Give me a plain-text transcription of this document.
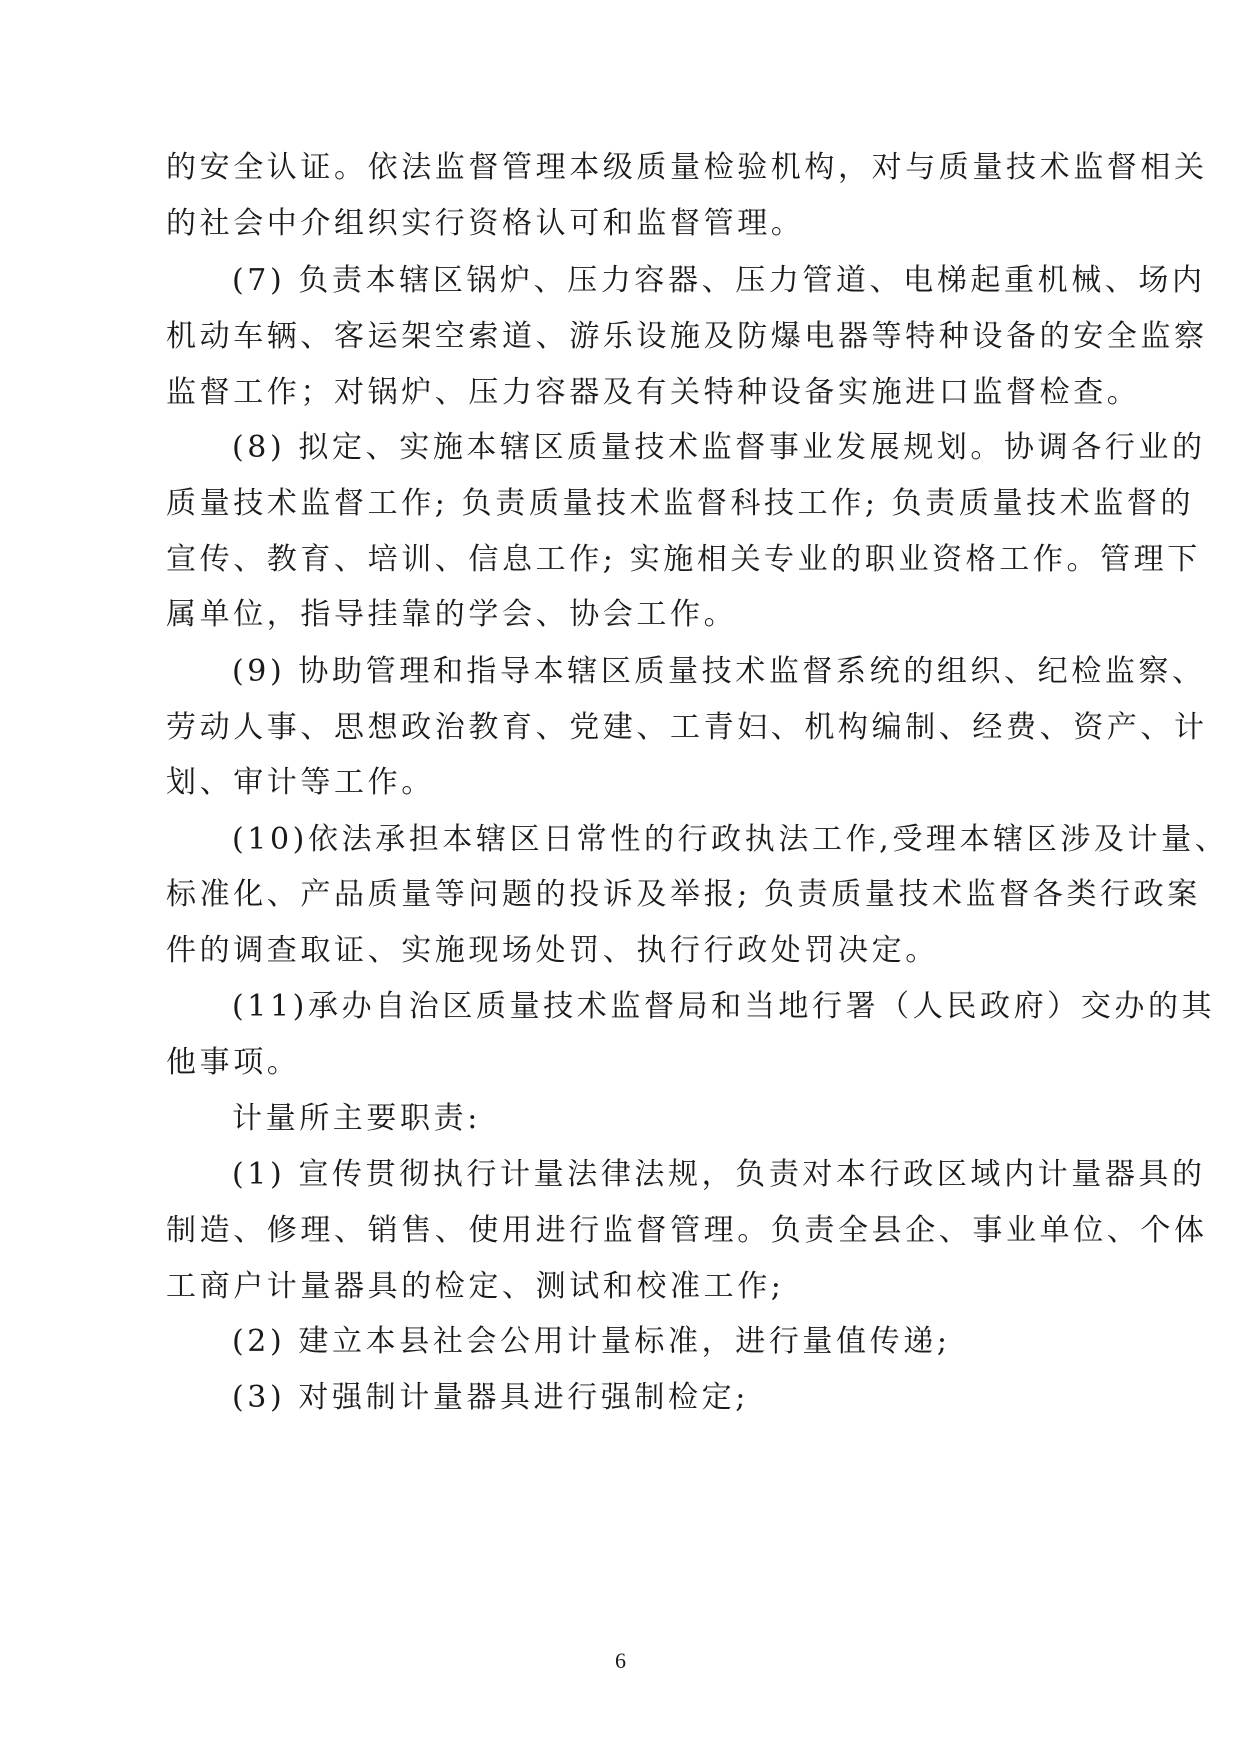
的安全认证。依法监督管理本级质量检验机构，对与质量技术监督相关
的社会中介组织实行资格认可和监督管理。
(7) 负责本辖区锅炉、压力容器、压力管道、电梯起重机械、场内
机动车辆、客运架空索道、游乐设施及防爆电器等特种设备的安全监察
监督工作；对锅炉、压力容器及有关特种设备实施进口监督检查。
(8) 拟定、实施本辖区质量技术监督事业发展规划。协调各行业的
质量技术监督工作; 负责质量技术监督科技工作; 负责质量技术监督的
宣传、教育、培训、信息工作; 实施相关专业的职业资格工作。管理下
属单位，指导挂靠的学会、协会工作。
(9) 协助管理和指导本辖区质量技术监督系统的组织、纪检监察、
劳动人事、思想政治教育、党建、工青妇、机构编制、经费、资产、计
划、审计等工作。
(10)依法承担本辖区日常性的行政执法工作,受理本辖区涉及计量、
标准化、产品质量等问题的投诉及举报; 负责质量技术监督各类行政案
件的调查取证、实施现场处罚、执行行政处罚决定。
(11)承办自治区质量技术监督局和当地行署（人民政府）交办的其
他事项。
计量所主要职责:
(1) 宣传贯彻执行计量法律法规，负责对本行政区域内计量器具的
制造、修理、销售、使用进行监督管理。负责全县企、事业单位、个体
工商户计量器具的检定、测试和校准工作;
(2) 建立本县社会公用计量标准，进行量值传递;
(3) 对强制计量器具进行强制检定;
6
